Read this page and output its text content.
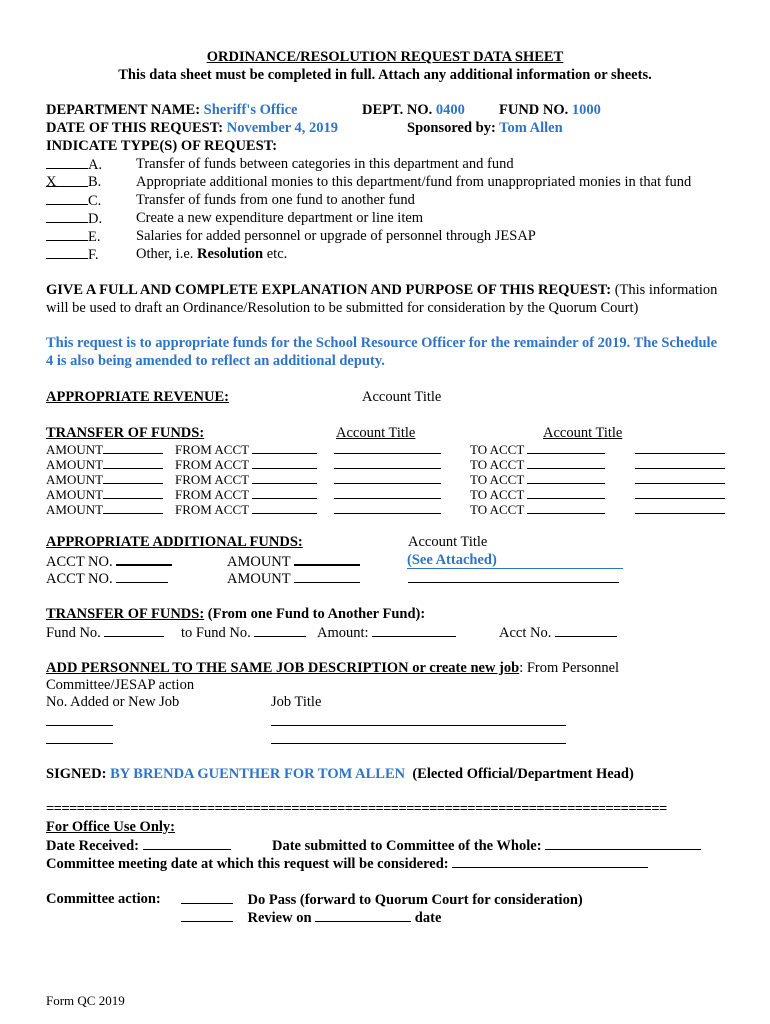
ORDINANCE/RESOLUTION REQUEST DATA SHEET
This data sheet must be completed in full. Attach any additional information or sheets.
DEPARTMENT NAME: Sheriff's Office	DEPT. NO. 0400 FUND NO. 1000
DATE OF THIS REQUEST: November 4, 2019	Sponsored by: Tom Allen
INDICATE TYPE(S) OF REQUEST:
A. Transfer of funds between categories in this department and fund
X B. Appropriate additional monies to this department/fund from unappropriated monies in that fund
C. Transfer of funds from one fund to another fund
D. Create a new expenditure department or line item
E. Salaries for added personnel or upgrade of personnel through JESAP
F.	Other, i.e. Resolution etc.
GIVE A FULL AND COMPLETE EXPLANATION AND PURPOSE OF THIS REQUEST: (This information
will be used to draft an Ordinance/Resolution to be submitted for consideration by the Quorum Court)
This request is to appropriate funds for the School Resource Officer for the remainder of 2019. The Schedule
4 is also being amended to reflect an additional deputy.
APPROPRIATE REVENUE:	Account Title
TRANSFER OF FUNDS:	Account Title	Account Title
AMOUNT	FROM ACCT	TO ACCT
AMOUNT	FROM ACCT	TO ACCT
AMOUNT	FROM ACCT	TO ACCT
AMOUNT	FROM ACCT	TO ACCT
AMOUNT	FROM ACCT	TO ACCT
APPROPRIATE ADDITIONAL FUNDS:	Account Title
ACCT NO.	AMOUNT	(See Attached)
ACCT NO.	AMOUNT
TRANSFER OF FUNDS: (From one Fund to Another Fund):
Fund No.	to Fund No.	Amount:	Acct No.
ADD PERSONNEL TO THE SAME JOB DESCRIPTION or create new job: From Personnel
Committee/JESAP action
No. Added or New Job	Job Title
SIGNED: BY BRENDA GUENTHER FOR TOM ALLEN (Elected Official/Department Head)
=================================================================================
For Office Use Only:
Date Received:	Date submitted to Committee of the Whole:
Committee meeting date at which this request will be considered:
Committee action:	Do Pass (forward to Quorum Court for consideration)
Review on	date
Form QC 2019
